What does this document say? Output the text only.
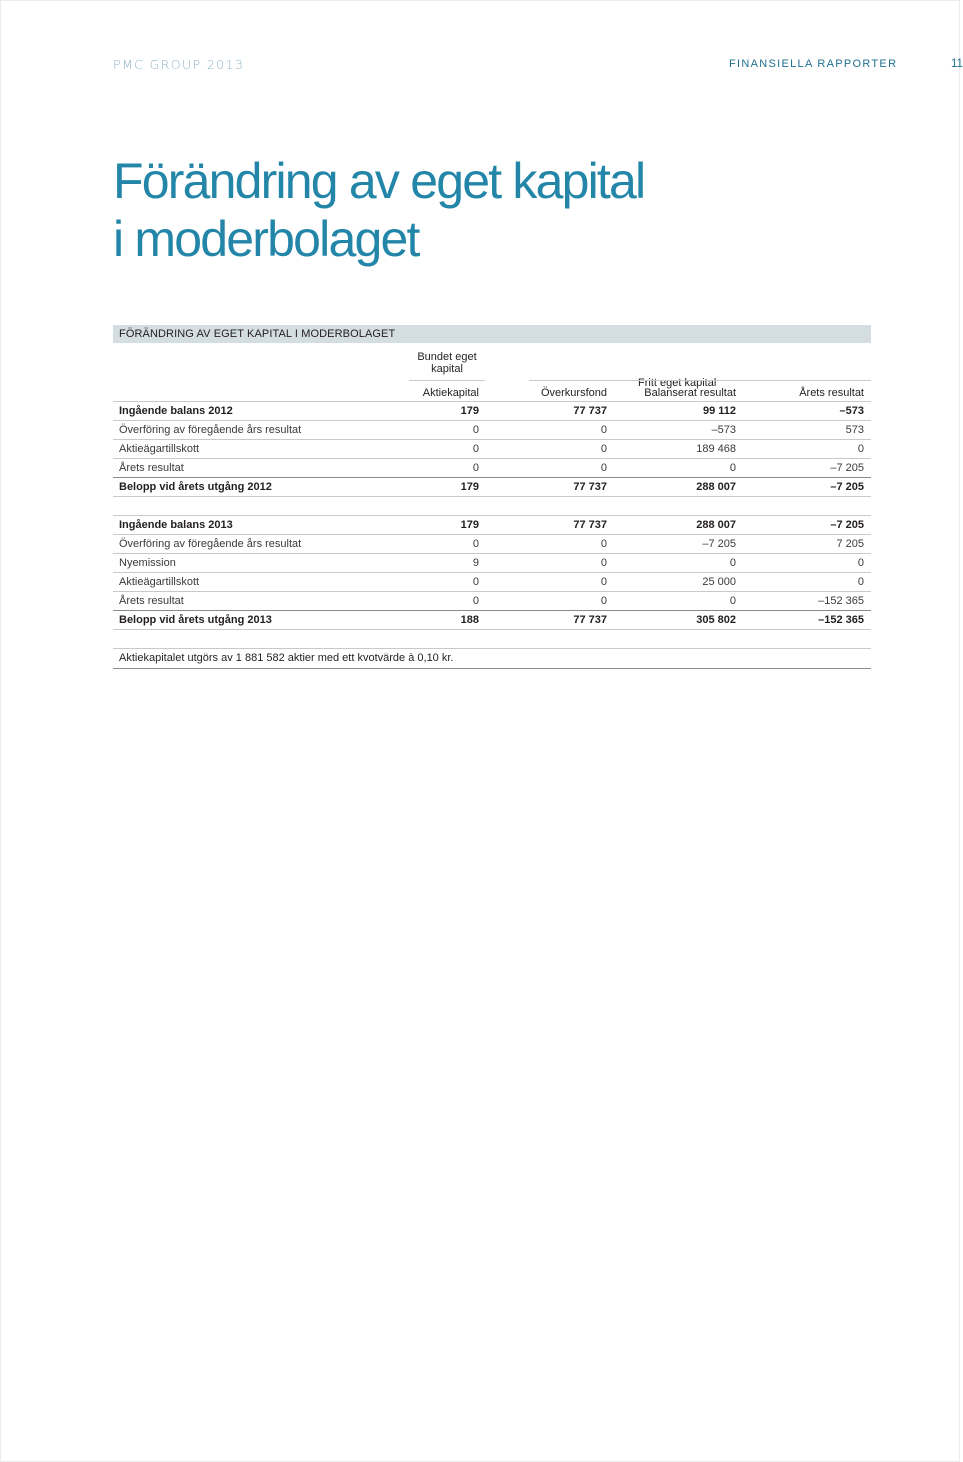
PMC GROUP 2013	FINANSIELLA RAPPORTER	11
Förändring av eget kapital
i moderbolaget
FÖRÄNDRING AV EGET KAPITAL I MODERBOLAGET
Bundet eget
kapital
Fritt eget kapital
Aktiekapital	Överkursfond	Balanserat resultat	Årets resultat
Ingående balans 2012	179	77 737	99 112	–573
Överföring av föregående års resultat	0	0	–573	573
Aktieägartillskott	0	0	189 468	0
Årets resultat	0	0	0	–7 205
Belopp vid årets utgång 2012	179	77 737	288 007	–7 205
Ingående balans 2013	179	77 737	288 007	–7 205
Överföring av föregående års resultat	0	0	–7 205	7 205
Nyemission	9	0	0	0
Aktieägartillskott	0	0	25 000	0
Årets resultat	0	0	0	–152 365
Belopp vid årets utgång 2013	188	77 737	305 802	–152 365
Aktiekapitalet utgörs av 1 881 582 aktier med ett kvotvärde à 0,10 kr.
